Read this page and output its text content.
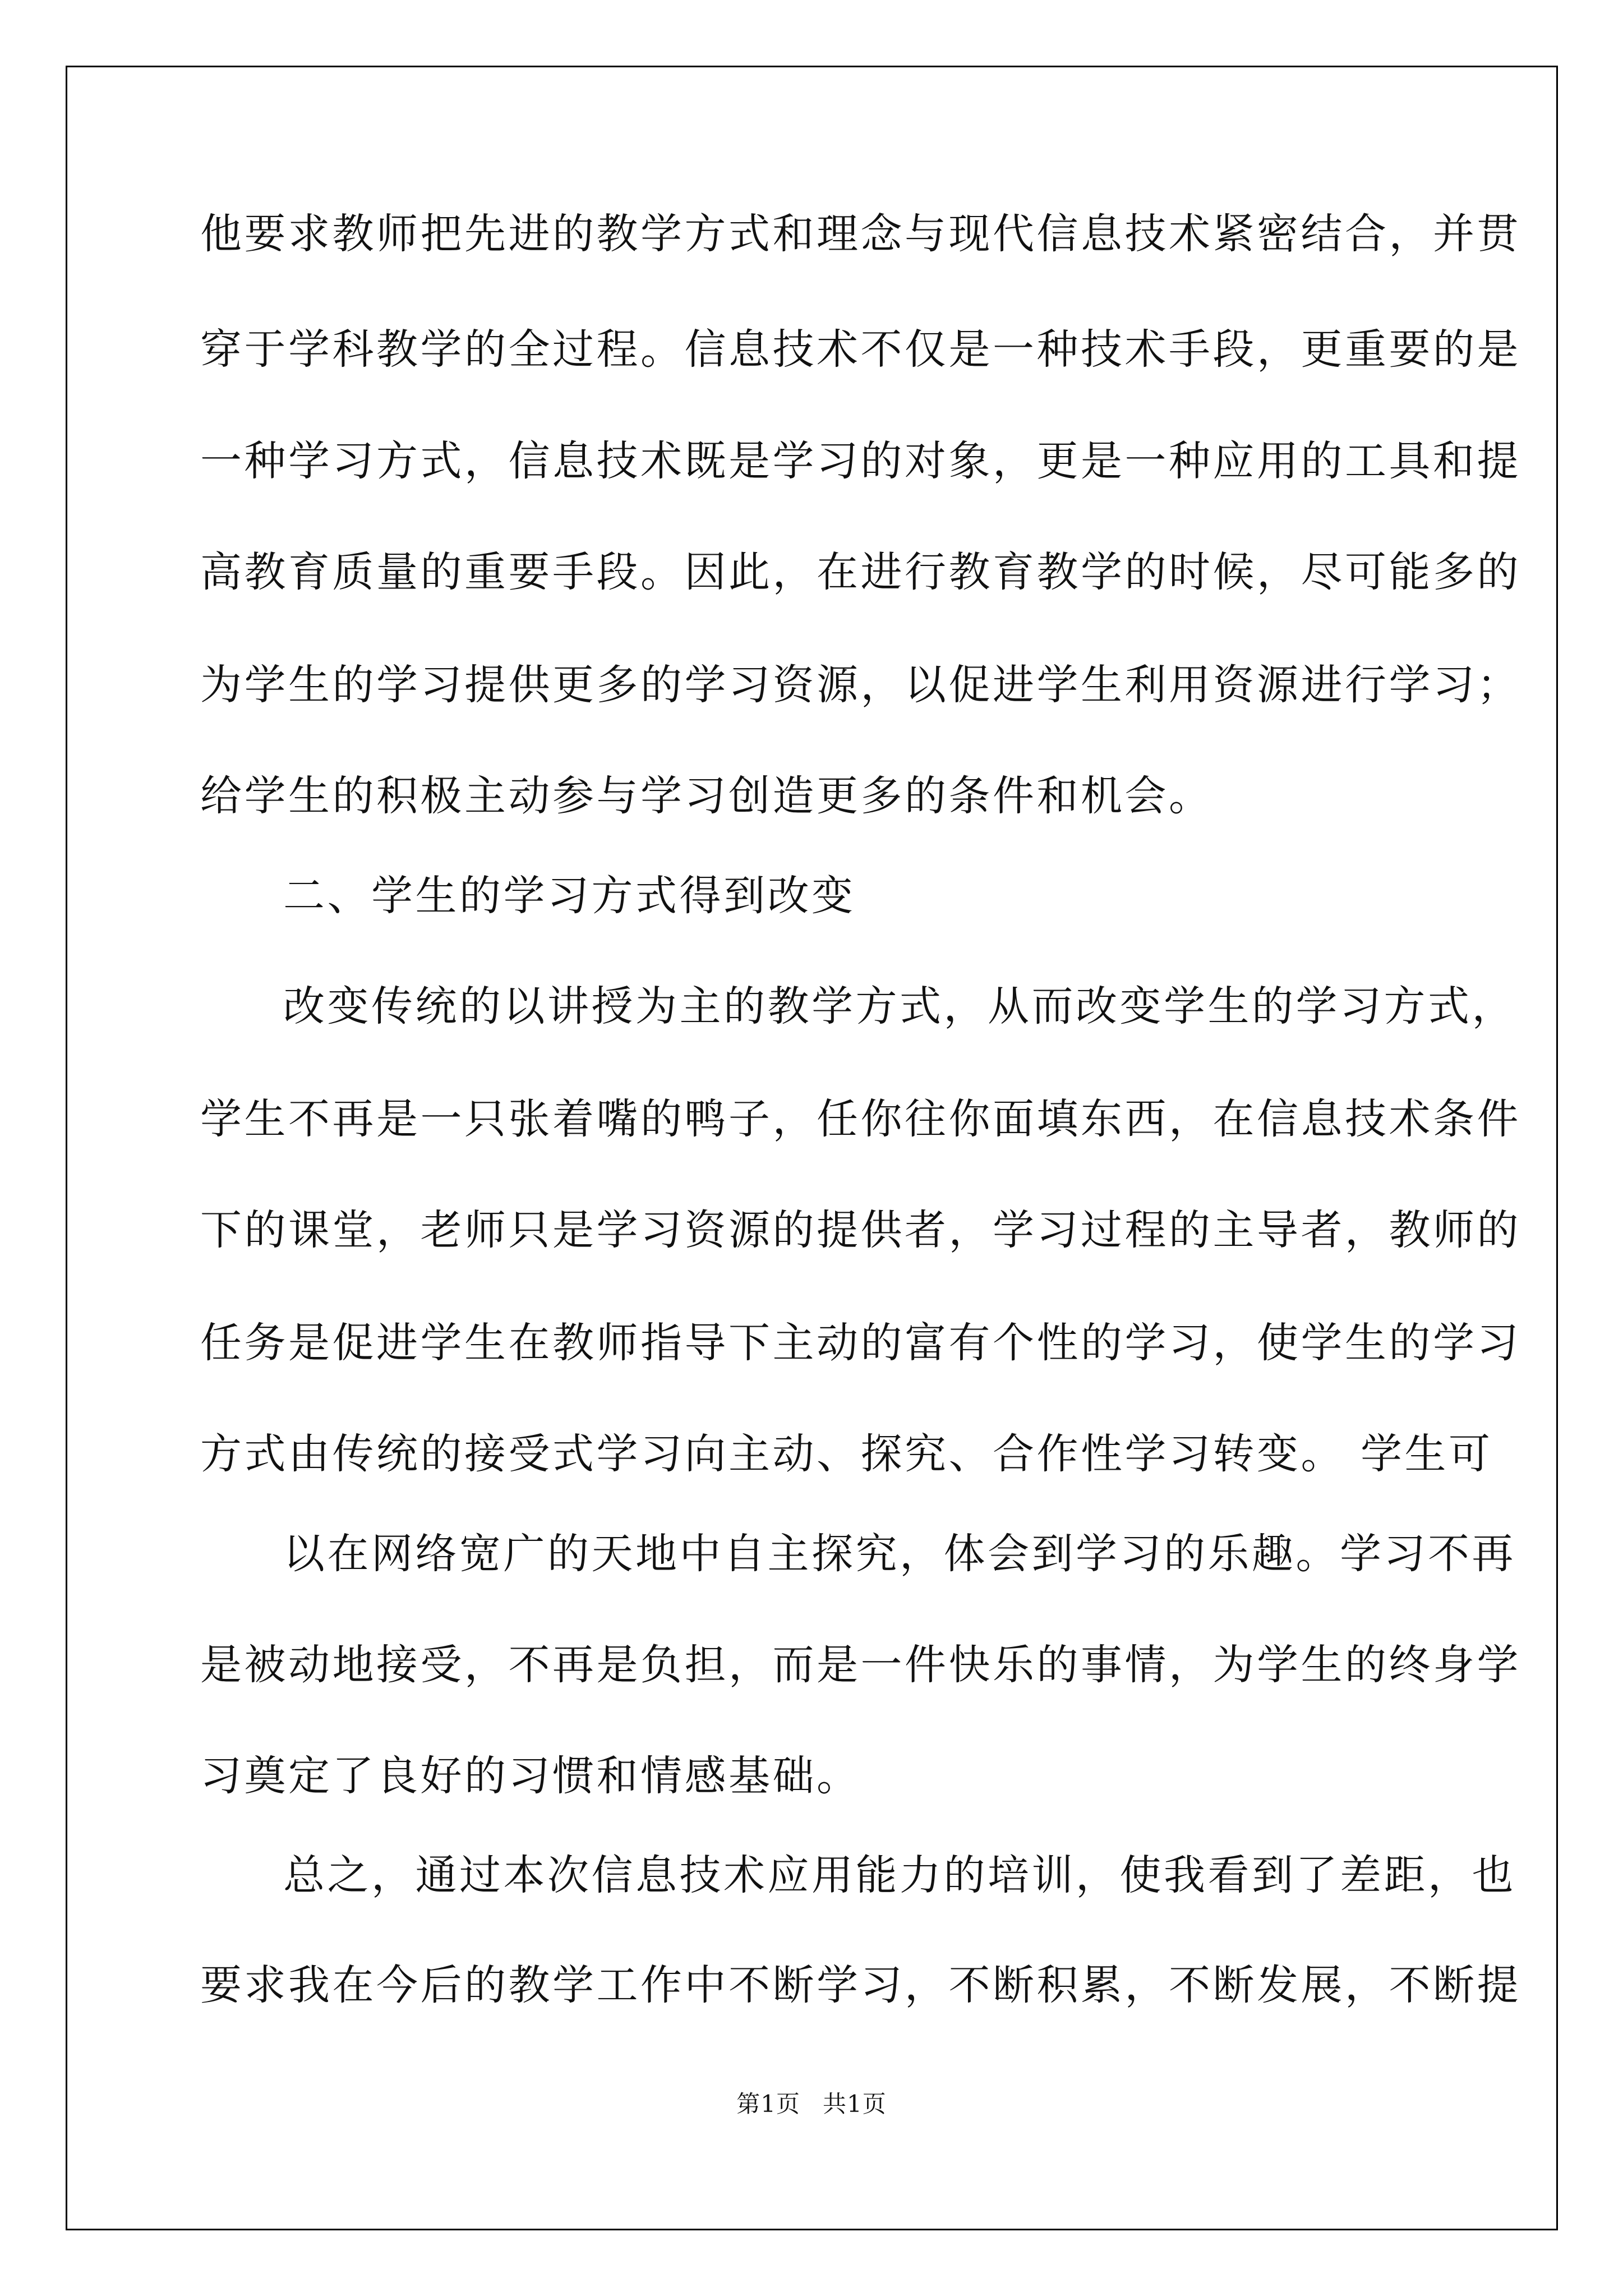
他要求教师把先进的教学方式和理念与现代信息技术紧密结合，并贯
穿于学科教学的全过程。信息技术不仅是一种技术手段，更重要的是
一种学习方式，信息技术既是学习的对象，更是一种应用的工具和提
高教育质量的重要手段。因此，在进行教育教学的时候，尽可能多的
为学生的学习提供更多的学习资源，以促进学生利用资源进行学习；
给学生的积极主动参与学习创造更多的条件和机会。
二、学生的学习方式得到改变
改变传统的以讲授为主的教学方式，从而改变学生的学习方式，
学生不再是一只张着嘴的鸭子，任你往你面填东西，在信息技术条件
下的课堂，老师只是学习资源的提供者，学习过程的主导者，教师的
任务是促进学生在教师指导下主动的富有个性的学习，使学生的学习
方式由传统的接受式学习向主动、探究、合作性学习转变。 学生可
以在网络宽广的天地中自主探究，体会到学习的乐趣。学习不再
是被动地接受，不再是负担，而是一件快乐的事情，为学生的终身学
习奠定了良好的习惯和情感基础。
总之，通过本次信息技术应用能力的培训，使我看到了差距，也
要求我在今后的教学工作中不断学习，不断积累，不断发展，不断提
第1页 共1页
